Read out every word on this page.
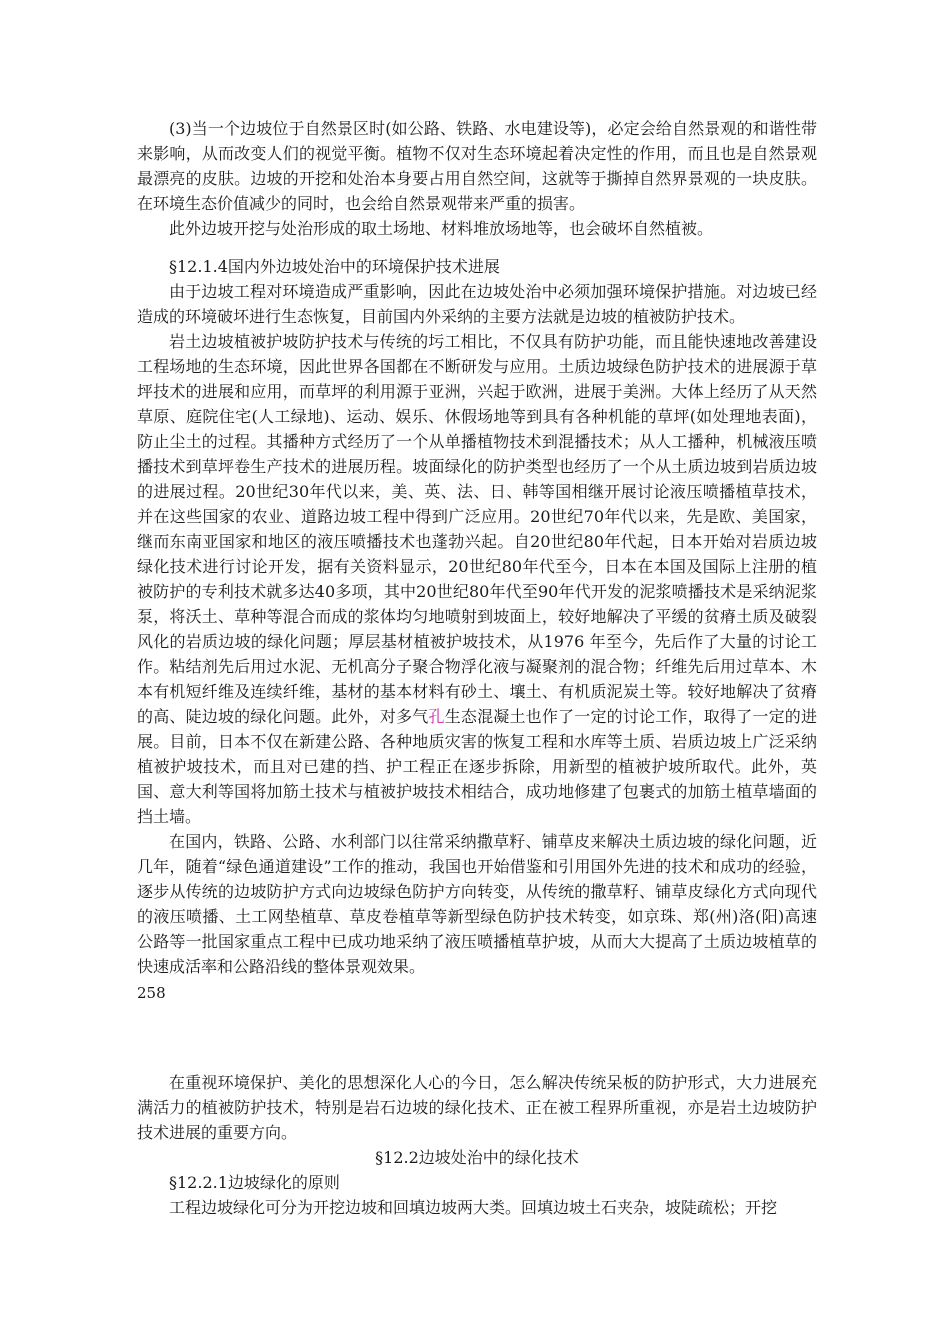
(3)当一个边坡位于自然景区时(如公路、铁路、水电建设等)，必定会给自然景观的和谐性带来影响，从而改变人们的视觉平衡。植物不仅对生态环境起着决定性的作用，而且也是自然景观最漂亮的皮肤。边坡的开挖和处治本身要占用自然空间，这就等于撕掉自然界景观的一块皮肤。在环境生态价值减少的同时，也会给自然景观带来严重的损害。

此外边坡开挖与处治形成的取土场地、材料堆放场地等，也会破坏自然植被。

§12.1.4国内外边坡处治中的环境保护技术进展

由于边坡工程对环境造成严重影响，因此在边坡处治中必须加强环境保护措施。对边坡已经造成的环境破坏进行生态恢复，目前国内外采纳的主要方法就是边坡的植被防护技术。

岩土边坡植被护坡防护技术与传统的圬工相比，不仅具有防护功能，而且能快速地改善建设工程场地的生态环境，因此世界各国都在不断研发与应用。土质边坡绿色防护技术的进展源于草坪技术的进展和应用，而草坪的利用源于亚洲，兴起于欧洲，进展于美洲。大体上经历了从天然草原、庭院住宅(人工绿地)、运动、娱乐、休假场地等到具有各种机能的草坪(如处理地表面)，防止尘土的过程。其播种方式经历了一个从单播植物技术到混播技术；从人工播种，机械液压喷播技术到草坪卷生产技术的进展历程。坡面绿化的防护类型也经历了一个从土质边坡到岩质边坡的进展过程。20世纪30年代以来，美、英、法、日、韩等国相继开展讨论液压喷播植草技术，并在这些国家的农业、道路边坡工程中得到广泛应用。20世纪70年代以来，先是欧、美国家，继而东南亚国家和地区的液压喷播技术也蓬勃兴起。自20世纪80年代起，日本开始对岩质边坡绿化技术进行讨论开发，据有关资料显示，20世纪80年代至今，日本在本国及国际上注册的植被防护的专利技术就多达40多项，其中20世纪80年代至90年代开发的泥浆喷播技术是采纳泥浆泵，将沃土、草种等混合而成的浆体均匀地喷射到坡面上，较好地解决了平缓的贫瘠土质及破裂风化的岩质边坡的绿化问题；厚层基材植被护坡技术，从1976 年至今，先后作了大量的讨论工作。粘结剂先后用过水泥、无机高分子聚合物浮化液与凝聚剂的混合物；纤维先后用过草本、木本有机短纤维及连续纤维，基材的基本材料有砂土、壤土、有机质泥炭土等。较好地解决了贫瘠的高、陡边坡的绿化问题。此外，对多气孔生态混凝土也作了一定的讨论工作，取得了一定的进展。目前，日本不仅在新建公路、各种地质灾害的恢复工程和水库等土质、岩质边坡上广泛采纳植被护坡技术，而且对已建的挡、护工程正在逐步拆除，用新型的植被护坡所取代。此外，英国、意大利等国将加筋土技术与植被护坡技术相结合，成功地修建了包裹式的加筋土植草墙面的挡土墙。

在国内，铁路、公路、水利部门以往常采纳撒草籽、铺草皮来解决土质边坡的绿化问题，近几年，随着“绿色通道建设”工作的推动，我国也开始借鉴和引用国外先进的技术和成功的经验，逐步从传统的边坡防护方式向边坡绿色防护方向转变，从传统的撒草籽、铺草皮绿化方式向现代的液压喷播、土工网垫植草、草皮卷植草等新型绿色防护技术转变，如京珠、郑(州)洛(阳)高速公路等一批国家重点工程中已成功地采纳了液压喷播植草护坡，从而大大提高了土质边坡植草的快速成活率和公路沿线的整体景观效果。

258

在重视环境保护、美化的思想深化人心的今日，怎么解决传统呆板的防护形式，大力进展充满活力的植被防护技术，特别是岩石边坡的绿化技术、正在被工程界所重视，亦是岩土边坡防护技术进展的重要方向。

§12.2边坡处治中的绿化技术

§12.2.1边坡绿化的原则

工程边坡绿化可分为开挖边坡和回填边坡两大类。回填边坡土石夹杂，坡陡疏松；开挖
